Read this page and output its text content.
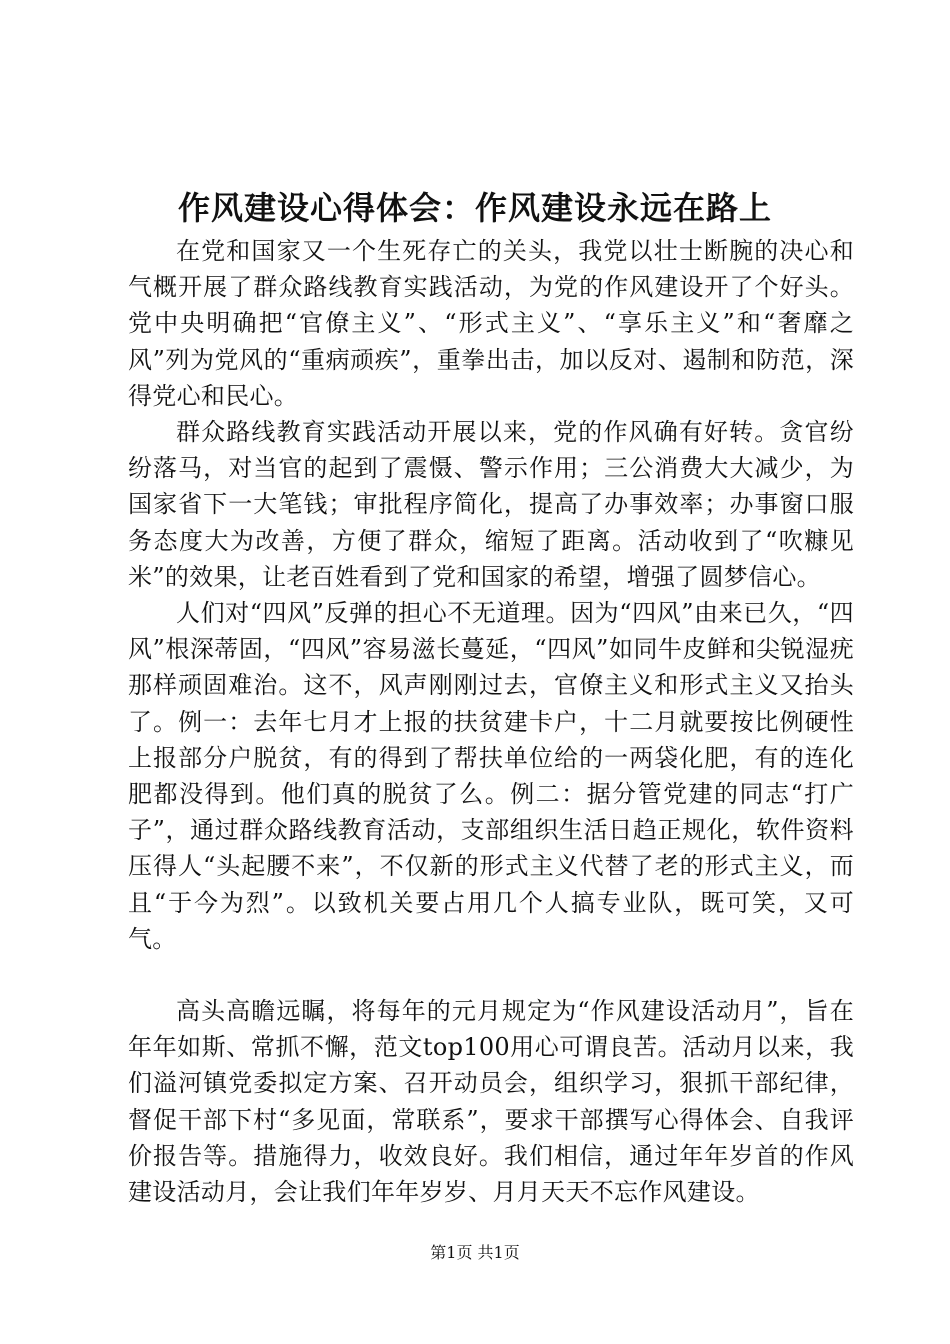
作风建设心得体会：作风建设永远在路上

在党和国家又一个生死存亡的关头，我党以壮士断腕的决心和气概开展了群众路线教育实践活动，为党的作风建设开了个好头。党中央明确把“官僚主义”、“形式主义”、“享乐主义”和“奢靡之风”列为党风的“重病顽疾”，重拳出击，加以反对、遏制和防范，深得党心和民心。

群众路线教育实践活动开展以来，党的作风确有好转。贪官纷纷落马，对当官的起到了震慑、警示作用；三公消费大大减少，为国家省下一大笔钱；审批程序简化，提高了办事效率；办事窗口服务态度大为改善，方便了群众，缩短了距离。活动收到了“吹糠见米”的效果，让老百姓看到了党和国家的希望，增强了圆梦信心。

人们对“四风”反弹的担心不无道理。因为“四风”由来已久，“四风”根深蒂固，“四风”容易滋长蔓延，“四风”如同牛皮鲜和尖锐湿疣那样顽固难治。这不，风声刚刚过去，官僚主义和形式主义又抬头了。例一：去年七月才上报的扶贫建卡户，十二月就要按比例硬性上报部分户脱贫，有的得到了帮扶单位给的一两袋化肥，有的连化肥都没得到。他们真的脱贫了么。例二：据分管党建的同志“打广子”，通过群众路线教育活动，支部组织生活日趋正规化，软件资料压得人“头起腰不来”，不仅新的形式主义代替了老的形式主义，而且“于今为烈”。以致机关要占用几个人搞专业队，既可笑，又可气。

高头高瞻远瞩，将每年的元月规定为“作风建设活动月”，旨在年年如斯、常抓不懈，范文top100用心可谓良苦。活动月以来，我们溢河镇党委拟定方案、召开动员会，组织学习，狠抓干部纪律，督促干部下村“多见面，常联系”，要求干部撰写心得体会、自我评价报告等。措施得力，收效良好。我们相信，通过年年岁首的作风建设活动月，会让我们年年岁岁、月月天天不忘作风建设。

第1页 共1页
